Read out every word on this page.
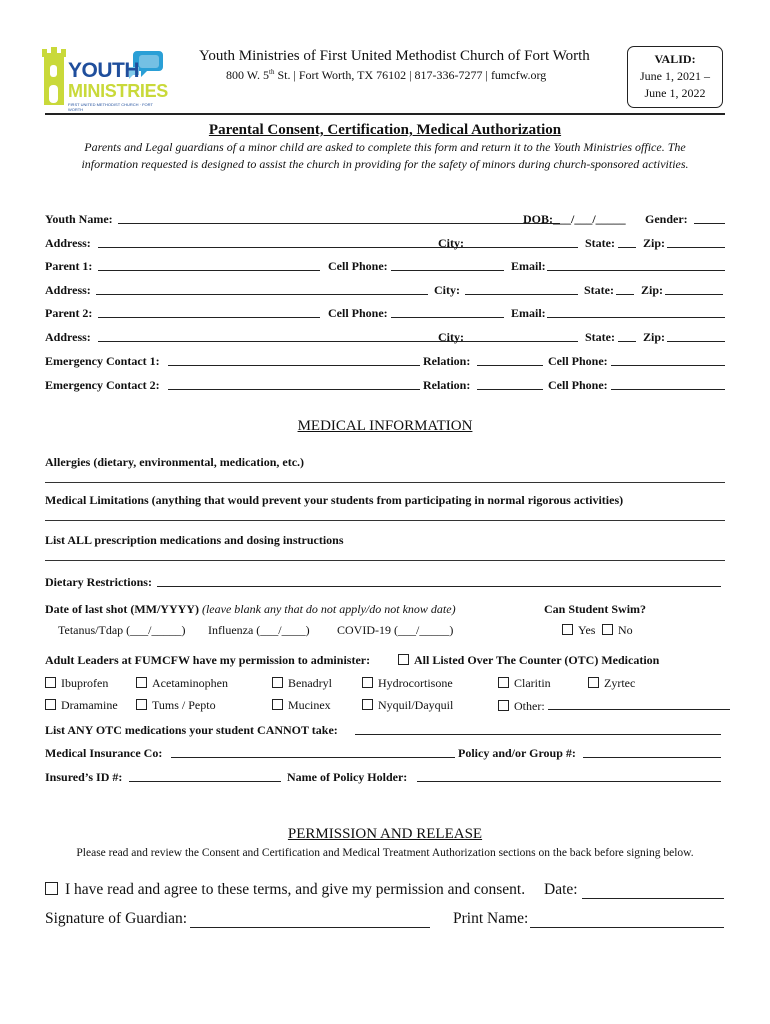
YOUTH
MINISTRIES
FIRST UNITED METHODIST CHURCH · FORT WORTH
Youth Ministries of First United Methodist Church of Fort Worth
800 W. 5th St. | Fort Worth, TX 76102 | 817-336-7277 | fumcfw.org
VALID:
June 1, 2021 –
June 1, 2022
Parental Consent, Certification, Medical Authorization
Parents and Legal guardians of a minor child are asked to complete this form and return it to the Youth Ministries office. The
information requested is designed to assist the church in providing for the safety of minors during church-sponsored activities.
Youth Name:	DOB:___/___/_____ Gender:
Address:	City:	State: Zip:
Parent 1:	Cell Phone:	Email:
Address:	City:	State: Zip:
Parent 2:	Cell Phone:	Email:
Address:	City:	State: Zip:
Emergency Contact 1:	Relation:	Cell Phone:
Emergency Contact 2:	Relation:	Cell Phone:
MEDICAL INFORMATION
Allergies (dietary, environmental, medication, etc.)
Medical Limitations (anything that would prevent your students from participating in normal rigorous activities)
List ALL prescription medications and dosing instructions
Dietary Restrictions:
Date of last shot (MM/YYYY) (leave blank any that do not apply/do not know date)	Can Student Swim?
Tetanus/Tdap (___/_____) Influenza (___/____) COVID-19 (___/_____)	Yes	No
Adult Leaders at FUMCFW have my permission to administer:	All Listed Over The Counter (OTC) Medication
Ibuprofen	Acetaminophen	Benadryl	Hydrocortisone	Claritin	Zyrtec
Dramamine	Tums / Pepto	Mucinex	Nyquil/Dayquil	Other:
List ANY OTC medications your student CANNOT take:
Medical Insurance Co:	Policy and/or Group #:
Insured’s ID #:	Name of Policy Holder:
PERMISSION AND RELEASE
Please read and review the Consent and Certification and Medical Treatment Authorization sections on the back before signing below.
I have read and agree to these terms, and give my permission and consent. Date:
Signature of Guardian:	Print Name:
